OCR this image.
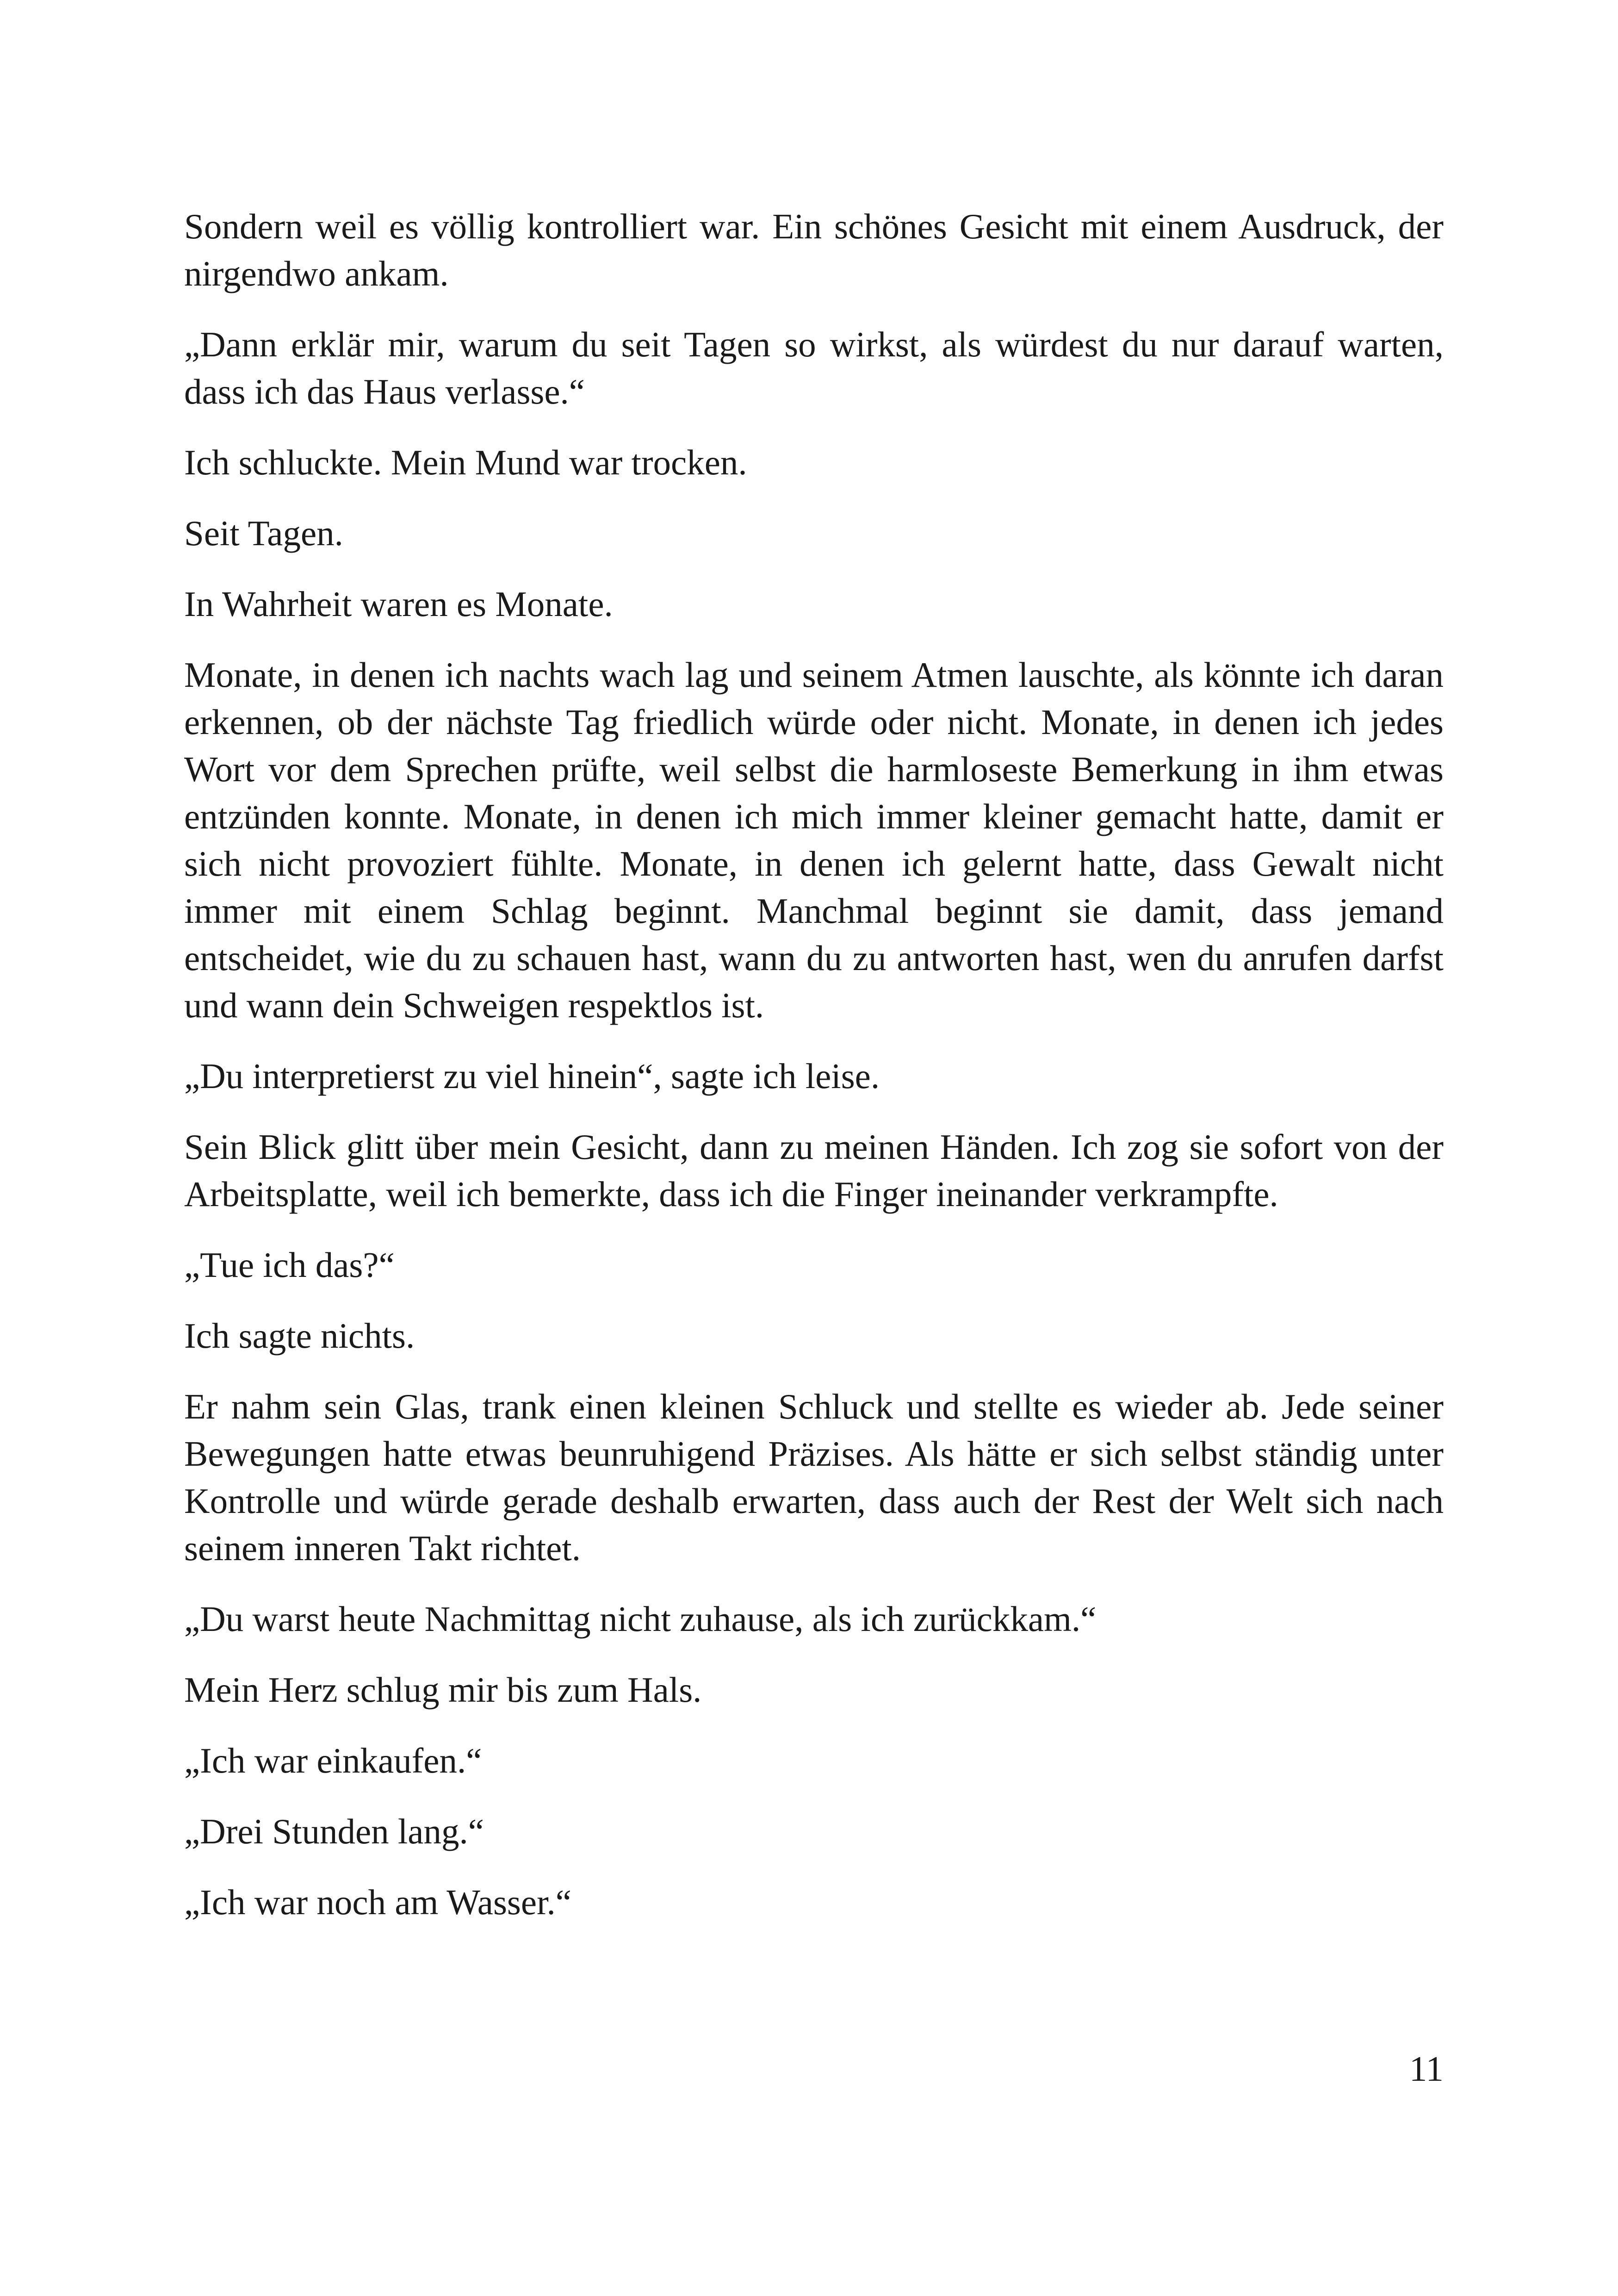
Sondern weil es völlig kontrolliert war. Ein schönes Gesicht mit einem Ausdruck, der nirgendwo ankam.

„Dann erklär mir, warum du seit Tagen so wirkst, als würdest du nur darauf warten, dass ich das Haus verlasse.“

Ich schluckte. Mein Mund war trocken.

Seit Tagen.

In Wahrheit waren es Monate.

Monate, in denen ich nachts wach lag und seinem Atmen lauschte, als könnte ich daran erkennen, ob der nächste Tag friedlich würde oder nicht. Monate, in denen ich jedes Wort vor dem Sprechen prüfte, weil selbst die harmloseste Bemerkung in ihm etwas entzünden konnte. Monate, in denen ich mich immer kleiner gemacht hatte, damit er sich nicht provoziert fühlte. Monate, in denen ich gelernt hatte, dass Gewalt nicht immer mit einem Schlag beginnt. Manchmal beginnt sie damit, dass jemand entscheidet, wie du zu schauen hast, wann du zu antworten hast, wen du anrufen darfst und wann dein Schweigen respektlos ist.

„Du interpretierst zu viel hinein“, sagte ich leise.

Sein Blick glitt über mein Gesicht, dann zu meinen Händen. Ich zog sie sofort von der Arbeitsplatte, weil ich bemerkte, dass ich die Finger ineinander verkrampfte.

„Tue ich das?“

Ich sagte nichts.

Er nahm sein Glas, trank einen kleinen Schluck und stellte es wieder ab. Jede seiner Bewegungen hatte etwas beunruhigend Präzises. Als hätte er sich selbst ständig unter Kontrolle und würde gerade deshalb erwarten, dass auch der Rest der Welt sich nach seinem inneren Takt richtet.

„Du warst heute Nachmittag nicht zuhause, als ich zurückkam.“

Mein Herz schlug mir bis zum Hals.

„Ich war einkaufen.“

„Drei Stunden lang.“

„Ich war noch am Wasser.“

11
